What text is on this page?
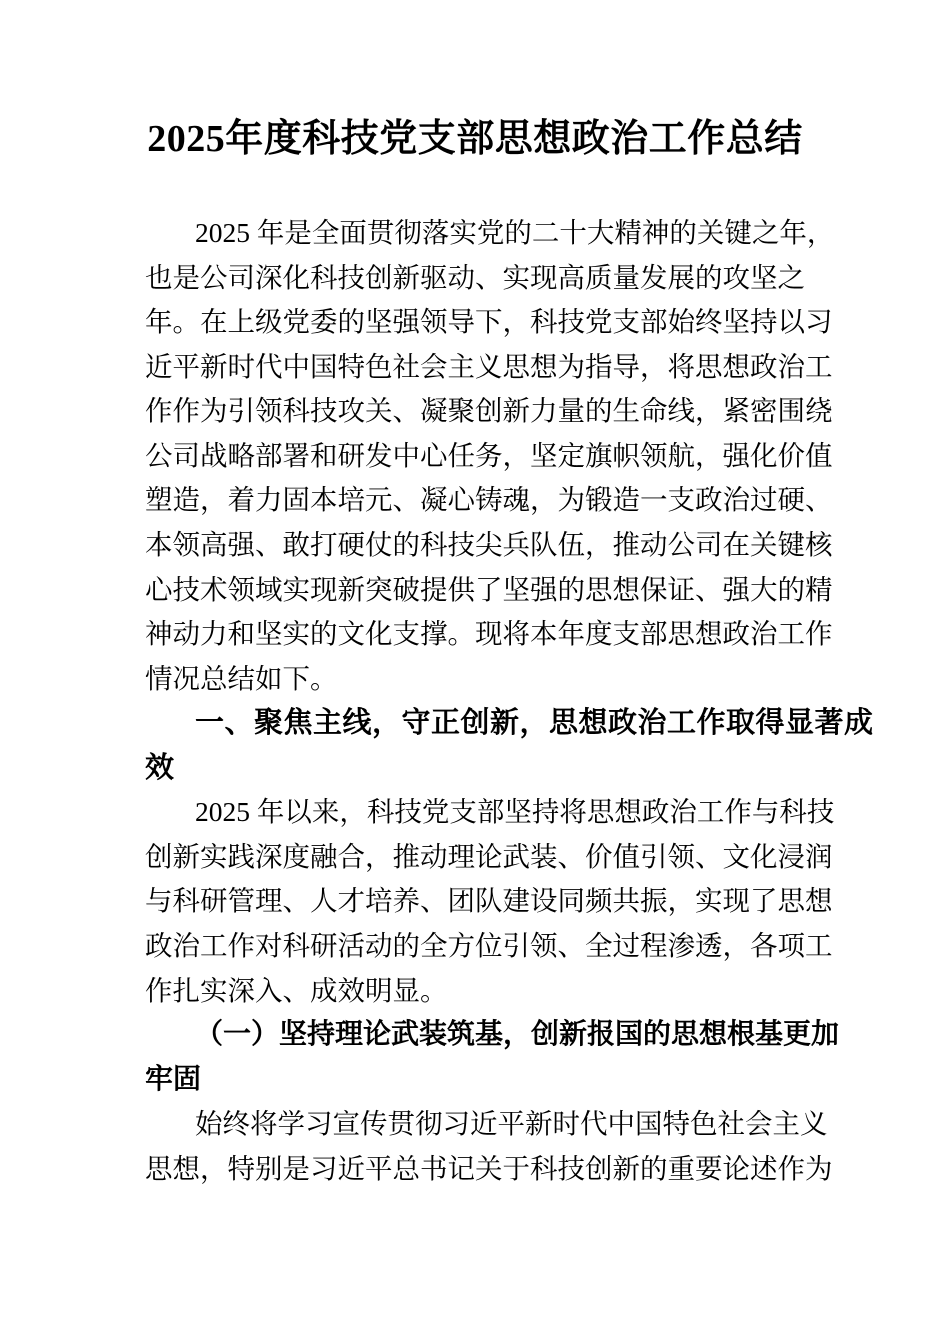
2025年度科技党支部思想政治工作总结
2025 年是全面贯彻落实党的二十大精神的关键之年，
也是公司深化科技创新驱动、实现高质量发展的攻坚之
年。在上级党委的坚强领导下，科技党支部始终坚持以习
近平新时代中国特色社会主义思想为指导，将思想政治工
作作为引领科技攻关、凝聚创新力量的生命线，紧密围绕
公司战略部署和研发中心任务，坚定旗帜领航，强化价值
塑造，着力固本培元、凝心铸魂，为锻造一支政治过硬、
本领高强、敢打硬仗的科技尖兵队伍，推动公司在关键核
心技术领域实现新突破提供了坚强的思想保证、强大的精
神动力和坚实的文化支撑。现将本年度支部思想政治工作
情况总结如下。
一、聚焦主线，守正创新，思想政治工作取得显著成
效
2025 年以来，科技党支部坚持将思想政治工作与科技
创新实践深度融合，推动理论武装、价值引领、文化浸润
与科研管理、人才培养、团队建设同频共振，实现了思想
政治工作对科研活动的全方位引领、全过程渗透，各项工
作扎实深入、成效明显。
（一）坚持理论武装筑基，创新报国的思想根基更加
牢固
始终将学习宣传贯彻习近平新时代中国特色社会主义
思想，特别是习近平总书记关于科技创新的重要论述作为
